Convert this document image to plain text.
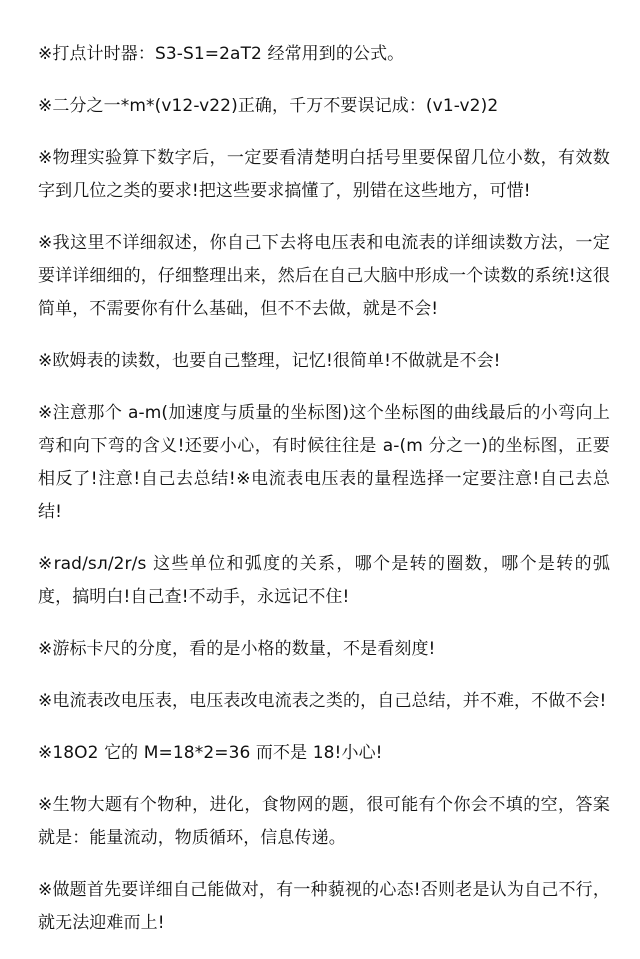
※打点计时器：S3-S1=2aT2 经常用到的公式。

※二分之一*m*(v12-v22)正确，千万不要误记成：(v1-v2)2

※物理实验算下数字后，一定要看清楚明白括号里要保留几位小数，有效数字到几位之类的要求!把这些要求搞懂了，别错在这些地方，可惜!

※我这里不详细叙述，你自己下去将电压表和电流表的详细读数方法，一定要详详细细的，仔细整理出来，然后在自己大脑中形成一个读数的系统!这很简单，不需要你有什么基础，但不不去做，就是不会!

※欧姆表的读数，也要自己整理，记忆!很简单!不做就是不会!

※注意那个 a-m(加速度与质量的坐标图)这个坐标图的曲线最后的小弯向上弯和向下弯的含义!还要小心，有时候往往是 a-(m 分之一)的坐标图，正要相反了!注意!自己去总结!※电流表电压表的量程选择一定要注意!自己去总结!

※rad/sл/2r/s 这些单位和弧度的关系，哪个是转的圈数，哪个是转的弧度，搞明白!自己查!不动手，永远记不住!

※游标卡尺的分度，看的是小格的数量，不是看刻度!

※电流表改电压表，电压表改电流表之类的，自己总结，并不难，不做不会!

※18O2 它的 M=18*2=36 而不是 18!小心!

※生物大题有个物种，进化，食物网的题，很可能有个你会不填的空，答案就是：能量流动，物质循环，信息传递。

※做题首先要详细自己能做对，有一种藐视的心态!否则老是认为自己不行，就无法迎难而上!
